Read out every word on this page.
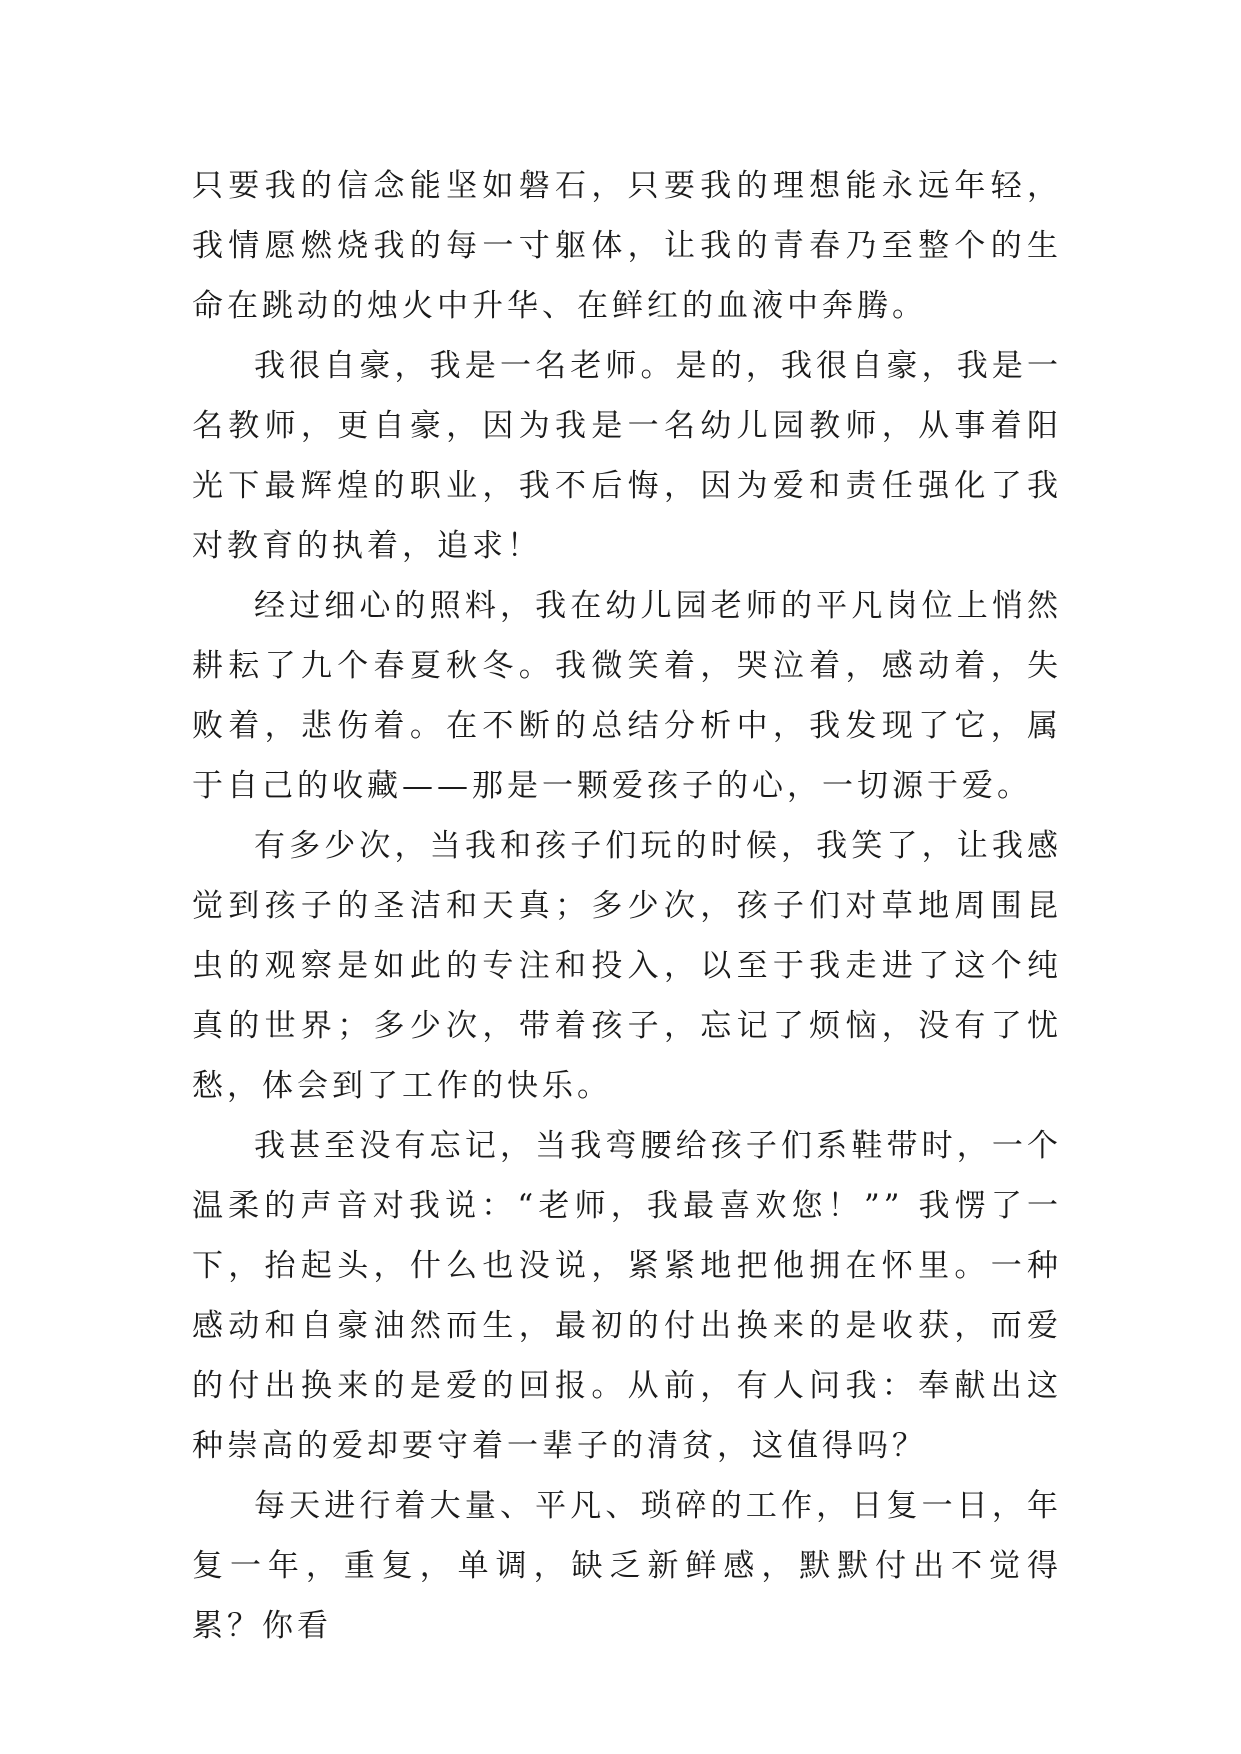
只要我的信念能坚如磐石，只要我的理想能永远年轻，我情愿燃烧我的每一寸躯体，让我的青春乃至整个的生命在跳动的烛火中升华、在鲜红的血液中奔腾。

我很自豪，我是一名老师。是的，我很自豪，我是一名教师，更自豪，因为我是一名幼儿园教师，从事着阳光下最辉煌的职业，我不后悔，因为爱和责任强化了我对教育的执着，追求！

经过细心的照料，我在幼儿园老师的平凡岗位上悄然耕耘了九个春夏秋冬。我微笑着，哭泣着，感动着，失败着，悲伤着。在不断的总结分析中，我发现了它，属于自己的收藏——那是一颗爱孩子的心，一切源于爱。

有多少次，当我和孩子们玩的时候，我笑了，让我感觉到孩子的圣洁和天真；多少次，孩子们对草地周围昆虫的观察是如此的专注和投入，以至于我走进了这个纯真的世界；多少次，带着孩子，忘记了烦恼，没有了忧愁，体会到了工作的快乐。

我甚至没有忘记，当我弯腰给孩子们系鞋带时，一个温柔的声音对我说：“老师，我最喜欢您！”” 我愣了一下，抬起头，什么也没说，紧紧地把他拥在怀里。一种感动和自豪油然而生，最初的付出换来的是收获，而爱的付出换来的是爱的回报。从前，有人问我：奉献出这种崇高的爱却要守着一辈子的清贫，这值得吗？

每天进行着大量、平凡、琐碎的工作，日复一日，年复一年，重复，单调，缺乏新鲜感，默默付出不觉得累？你看
